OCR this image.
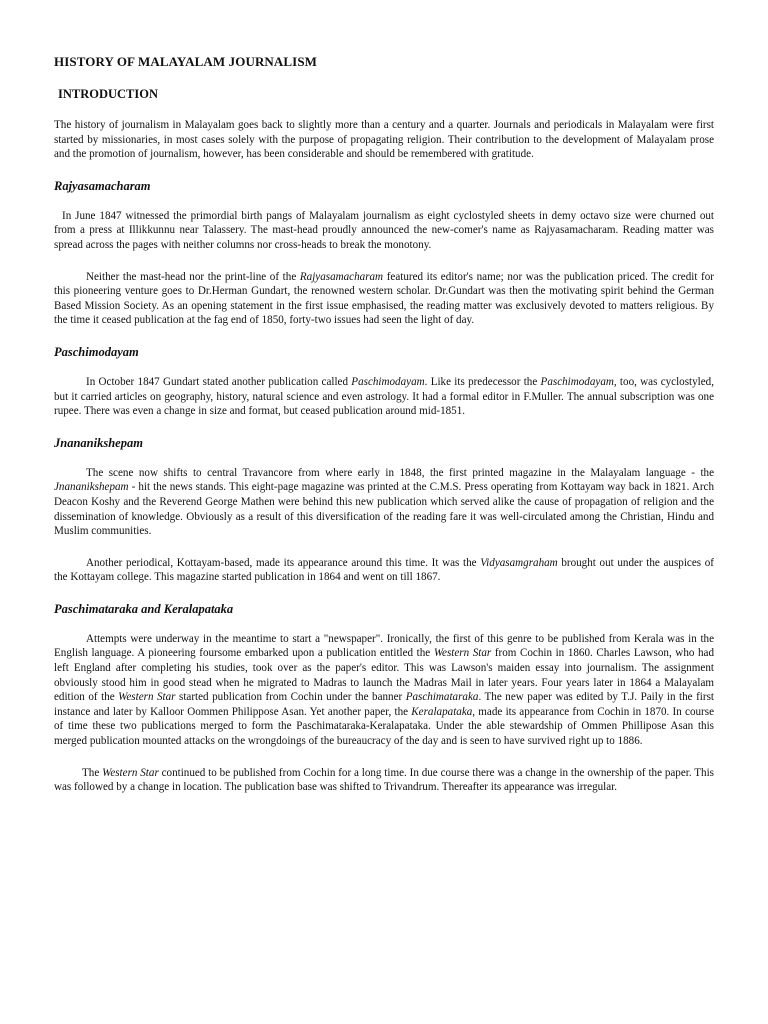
HISTORY OF MALAYALAM JOURNALISM
INTRODUCTION

The history of journalism in Malayalam goes back to slightly more than a century and a quarter. Journals and periodicals in Malayalam were first started by missionaries, in most cases solely with the purpose of propagating religion. Their contribution to the development of Malayalam prose and the promotion of journalism, however, has been considerable and should be remembered with gratitude.

Rajyasamacharam

In June 1847 witnessed the primordial birth pangs of Malayalam journalism as eight cyclostyled sheets in demy octavo size were churned out from a press at Illikkunnu near Talassery. The mast-head proudly announced the new-comer's name as Rajyasamacharam. Reading matter was spread across the pages with neither columns nor cross-heads to break the monotony.

Neither the mast-head nor the print-line of the Rajyasamacharam featured its editor's name; nor was the publication priced. The credit for this pioneering venture goes to Dr.Herman Gundart, the renowned western scholar. Dr.Gundart was then the motivating spirit behind the German Based Mission Society. As an opening statement in the first issue emphasised, the reading matter was exclusively devoted to matters religious. By the time it ceased publication at the fag end of 1850, forty-two issues had seen the light of day.

Paschimodayam

In October 1847 Gundart stated another publication called Paschimodayam. Like its predecessor the Paschimodayam, too, was cyclostyled, but it carried articles on geography, history, natural science and even astrology. It had a formal editor in F.Muller. The annual subscription was one rupee. There was even a change in size and format, but ceased publication around mid-1851.

Jnananikshepam

The scene now shifts to central Travancore from where early in 1848, the first printed magazine in the Malayalam language - the Jnananikshepam - hit the news stands. This eight-page magazine was printed at the C.M.S. Press operating from Kottayam way back in 1821. Arch Deacon Koshy and the Reverend George Mathen were behind this new publication which served alike the cause of propagation of religion and the dissemination of knowledge. Obviously as a result of this diversification of the reading fare it was well-circulated among the Christian, Hindu and Muslim communities.

Another periodical, Kottayam-based, made its appearance around this time. It was the Vidyasamgraham brought out under the auspices of the Kottayam college. This magazine started publication in 1864 and went on till 1867.

Paschimataraka and Keralapataka

Attempts were underway in the meantime to start a "newspaper". Ironically, the first of this genre to be published from Kerala was in the English language. A pioneering foursome embarked upon a publication entitled the Western Star from Cochin in 1860. Charles Lawson, who had left England after completing his studies, took over as the paper's editor. This was Lawson's maiden essay into journalism. The assignment obviously stood him in good stead when he migrated to Madras to launch the Madras Mail in later years. Four years later in 1864 a Malayalam edition of the Western Star started publication from Cochin under the banner Paschimataraka. The new paper was edited by T.J. Paily in the first instance and later by Kalloor Oommen Philippose Asan. Yet another paper, the Keralapataka, made its appearance from Cochin in 1870. In course of time these two publications merged to form the Paschimataraka-Keralapataka. Under the able stewardship of Ommen Phillipose Asan this merged publication mounted attacks on the wrongdoings of the bureaucracy of the day and is seen to have survived right up to 1886.

The Western Star continued to be published from Cochin for a long time. In due course there was a change in the ownership of the paper. This was followed by a change in location. The publication base was shifted to Trivandrum. Thereafter its appearance was irregular.
